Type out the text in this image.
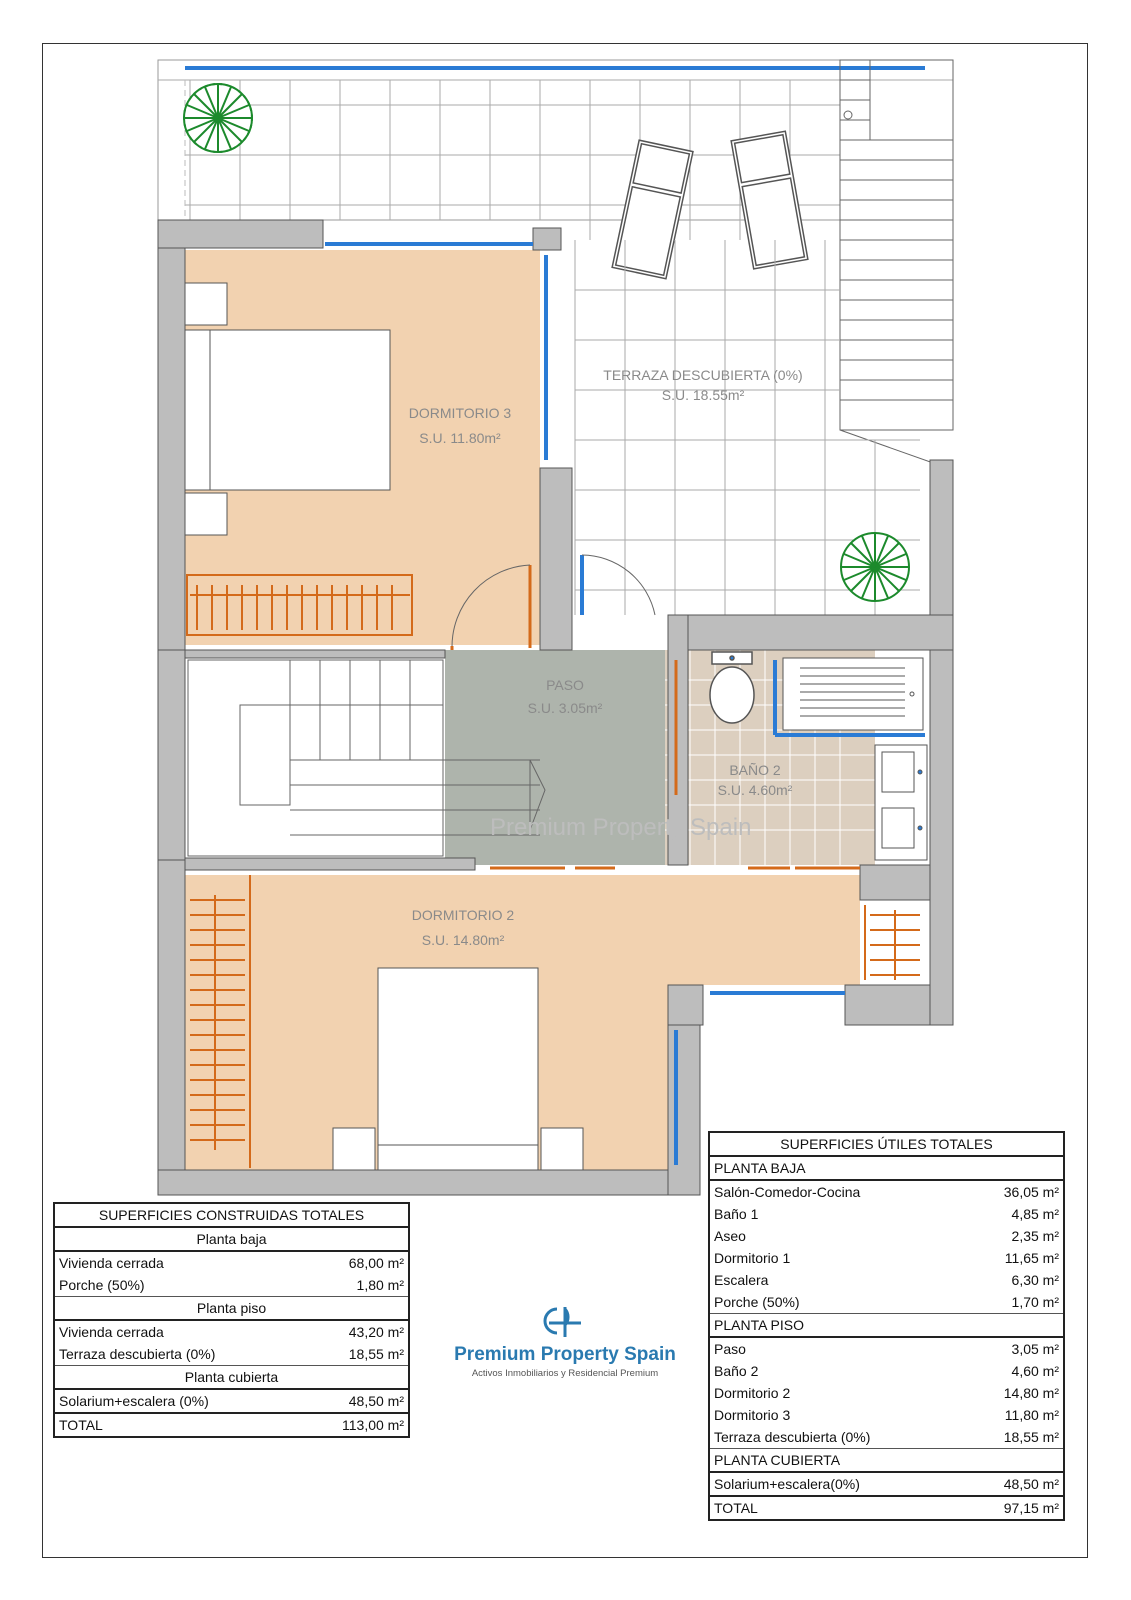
DORMITORIO 3
S.U. 11.80m²
TERRAZA DESCUBIERTA (0%)
S.U. 18.55m²
PASO
S.U. 3.05m²
BAÑO 2
S.U. 4.60m²
DORMITORIO 2
S.U. 14.80m²
Premium Property Spain
SUPERFICIES CONSTRUIDAS TOTALES	
Planta baja	
Vivienda cerrada	68,00 m²
Porche (50%)	1,80 m²
Planta piso	
Vivienda cerrada	43,20 m²
Terraza descubierta (0%)	18,55 m²
Planta cubierta	
Solarium+escalera (0%)	48,50 m²
TOTAL	113,00 m²
Premium Property Spain
Activos Inmobiliarios y Residencial Premium
SUPERFICIES ÚTILES TOTALES	
PLANTA BAJA	
Salón-Comedor-Cocina	36,05 m²
Baño 1	4,85 m²
Aseo	2,35 m²
Dormitorio 1	11,65 m²
Escalera	6,30 m²
Porche (50%)	1,70 m²
PLANTA PISO	
Paso	3,05 m²
Baño 2	4,60 m²
Dormitorio 2	14,80 m²
Dormitorio 3	11,80 m²
Terraza descubierta (0%)	18,55 m²
PLANTA CUBIERTA	
Solarium+escalera(0%)	48,50 m²
TOTAL	97,15 m²
